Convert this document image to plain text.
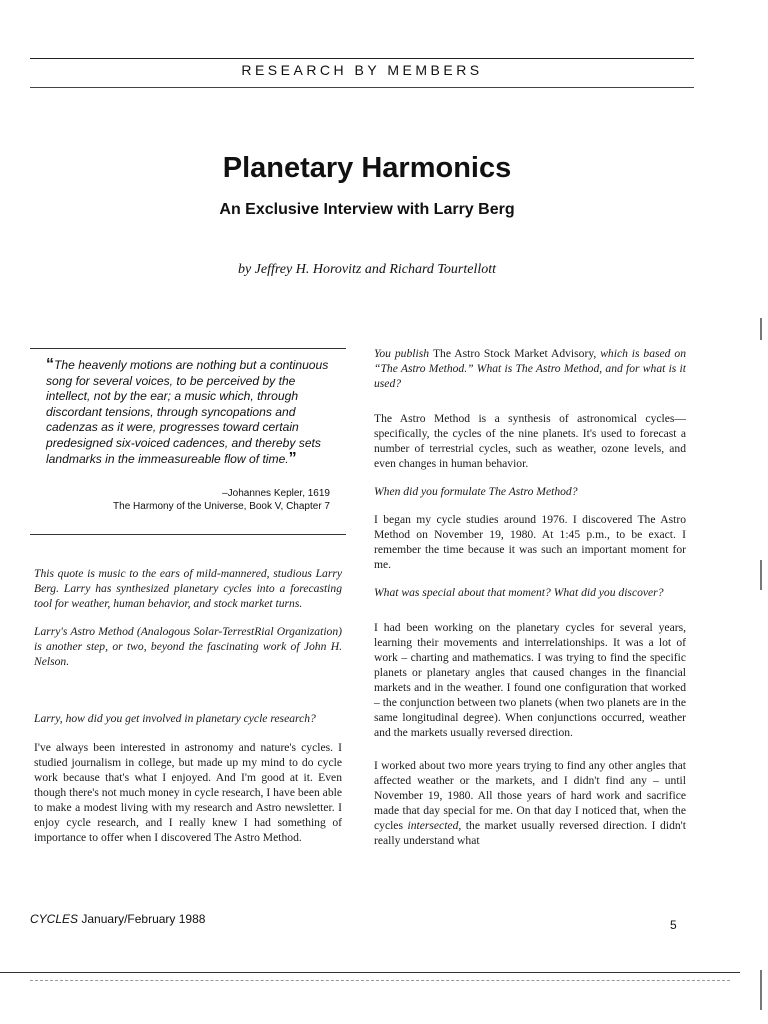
RESEARCH BY MEMBERS
Planetary Harmonics
An Exclusive Interview with Larry Berg
by Jeffrey H. Horovitz and Richard Tourtellott
“The heavenly motions are nothing but a continuous song for several voices, to be perceived by the intellect, not by the ear; a music which, through discordant tensions, through syncopations and cadenzas as it were, progresses toward certain predesigned six-voiced cadences, and thereby sets landmarks in the immeasureable flow of time.”
–Johannes Kepler, 1619
The Harmony of the Universe, Book V, Chapter 7

This quote is music to the ears of mild-mannered, studious Larry Berg. Larry has synthesized planetary cycles into a forecasting tool for weather, human behavior, and stock market turns.

Larry's Astro Method (Analogous Solar-TerrestRial Organization) is another step, or two, beyond the fascinating work of John H. Nelson.

Larry, how did you get involved in planetary cycle research?

I've always been interested in astronomy and nature's cycles. I studied journalism in college, but made up my mind to do cycle work because that's what I enjoyed. And I'm good at it. Even though there's not much money in cycle research, I have been able to make a modest living with my research and Astro newsletter. I enjoy cycle research, and I really knew I had something of importance to offer when I discovered The Astro Method.

You publish The Astro Stock Market Advisory, which is based on “The Astro Method.” What is The Astro Method, and for what is it used?

The Astro Method is a synthesis of astronomical cycles—specifically, the cycles of the nine planets. It's used to forecast a number of terrestrial cycles, such as weather, ozone levels, and even changes in human behavior.

When did you formulate The Astro Method?

I began my cycle studies around 1976. I discovered The Astro Method on November 19, 1980. At 1:45 p.m., to be exact. I remember the time because it was such an important moment for me.

What was special about that moment? What did you discover?

I had been working on the planetary cycles for several years, learning their movements and interrelationships. It was a lot of work – charting and mathematics. I was trying to find the specific planets or planetary angles that caused changes in the financial markets and in the weather. I found one configuration that worked – the conjunction between two planets (when two planets are in the same longitudinal degree). When conjunctions occurred, weather and the markets usually reversed direction.

I worked about two more years trying to find any other angles that affected weather or the markets, and I didn't find any – until November 19, 1980. All those years of hard work and sacrifice made that day special for me. On that day I noticed that, when the cycles intersected, the market usually reversed direction. I didn't really understand what

CYCLES January/February 1988	5
